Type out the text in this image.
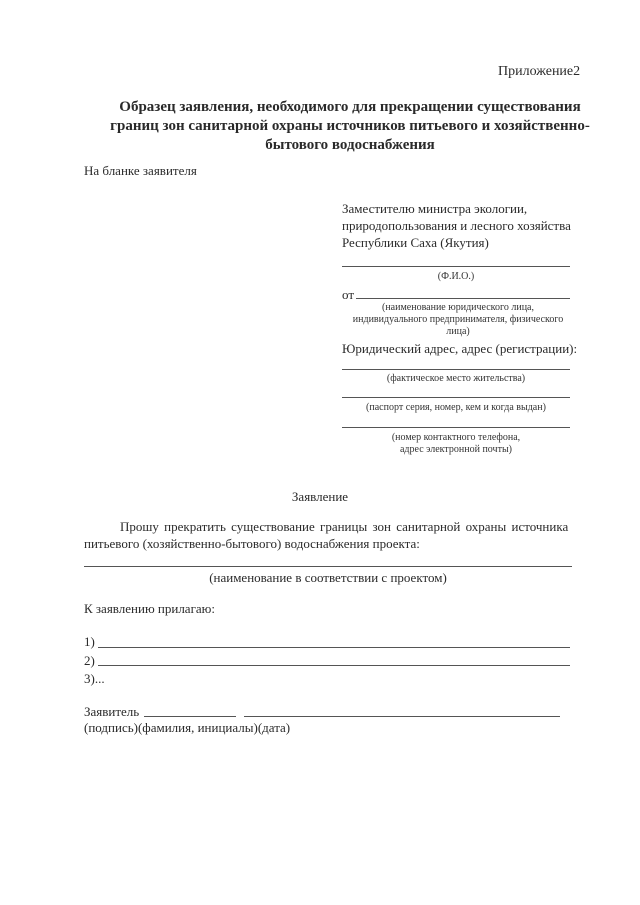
Приложение2
Образец заявления, необходимого для прекращении существования
границ зон санитарной охраны источников питьевого и хозяйственно-
бытового водоснабжения
На бланке заявителя
Заместителю министра экологии,
природопользования и лесного хозяйства
Республики Саха (Якутия)
(Ф.И.О.)
от
(наименование юридического лица,
индивидуального предпринимателя, физического
лица)
Юридический адрес, адрес (регистрации):
(фактическое место жительства)
(паспорт серия, номер, кем и когда выдан)
(номер контактного телефона,
адрес электронной почты)
Заявление
Прошу прекратить существование границы зон санитарной охраны источника
питьевого (хозяйственно-бытового) водоснабжения проекта:
(наименование в соответствии с проектом)
К заявлению прилагаю:
1)
2)
3)...
Заявитель
(подпись)(фамилия, инициалы)(дата)
